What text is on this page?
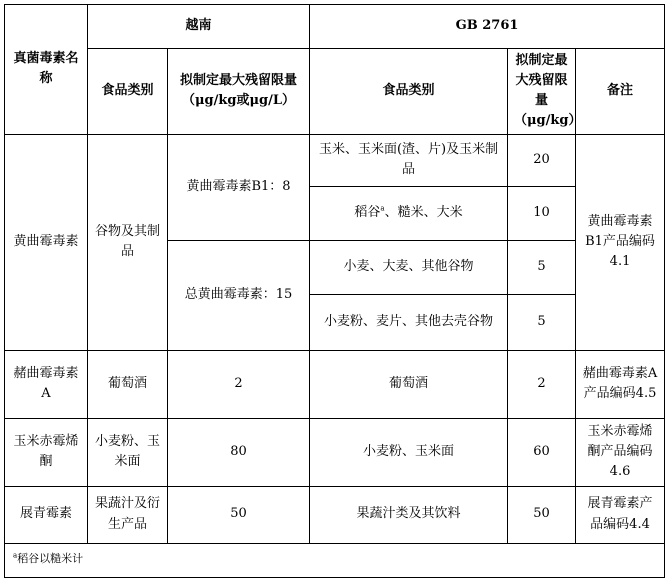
真菌毒素名称	越南		GB 2761		
	食品类别	拟制定最大残留限量（μg/kg或μg/L）	食品类别	拟制定最大残留限量（μg/kg）	备注
黄曲霉毒素	谷物及其制品	黄曲霉毒素B1：8	玉米、玉米面(渣、片)及玉米制品	20	黄曲霉毒素B1产品编码4.1
			稻谷$^a$、糙米、大米	10	
		总黄曲霉毒素：15	小麦、大麦、其他谷物	5	
			小麦粉、麦片、其他去壳谷物	5	
赭曲霉毒素A	葡萄酒	2	葡萄酒	2	赭曲霉毒素A产品编码4.5
玉米赤霉烯酮	小麦粉、玉米面	80	小麦粉、玉米面	60	玉米赤霉烯酮产品编码4.6
展青霉素	果蔬汁及衍生产品	50	果蔬汁类及其饮料	50	展青霉素产品编码4.4
$^a$稻谷以糙米计					
